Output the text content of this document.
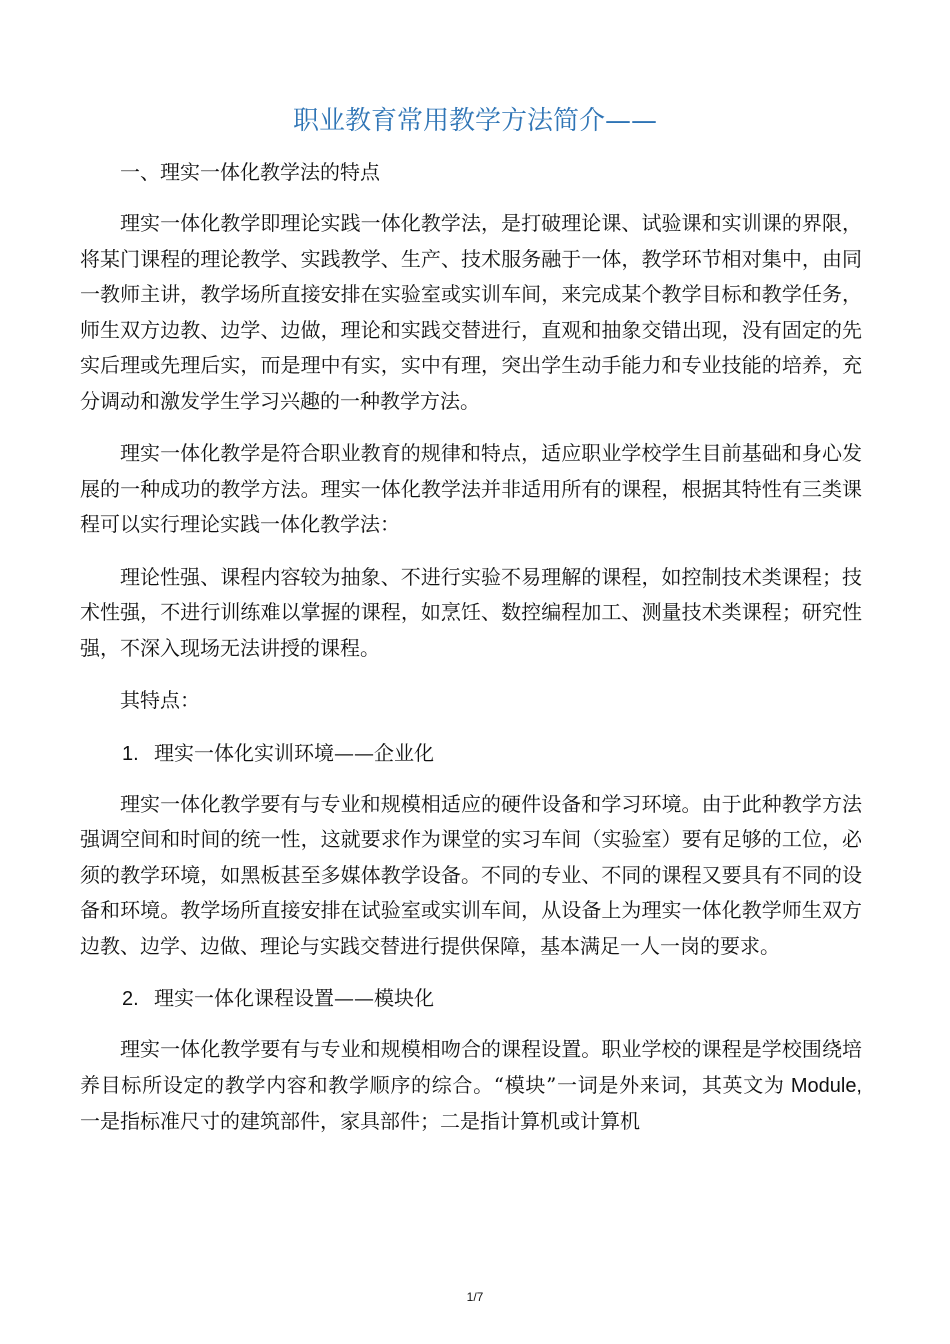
职业教育常用教学方法简介——
一、理实一体化教学法的特点

理实一体化教学即理论实践一体化教学法，是打破理论课、试验课和实训课的界限，将某门课程的理论教学、实践教学、生产、技术服务融于一体，教学环节相对集中，由同一教师主讲，教学场所直接安排在实验室或实训车间，来完成某个教学目标和教学任务，师生双方边教、边学、边做，理论和实践交替进行，直观和抽象交错出现，没有固定的先实后理或先理后实，而是理中有实，实中有理，突出学生动手能力和专业技能的培养，充分调动和激发学生学习兴趣的一种教学方法。

理实一体化教学是符合职业教育的规律和特点，适应职业学校学生目前基础和身心发展的一种成功的教学方法。理实一体化教学法并非适用所有的课程，根据其特性有三类课程可以实行理论实践一体化教学法：

理论性强、课程内容较为抽象、不进行实验不易理解的课程，如控制技术类课程；技术性强，不进行训练难以掌握的课程，如烹饪、数控编程加工、测量技术类课程；研究性强，不深入现场无法讲授的课程。

其特点：

1. 理实一体化实训环境——企业化

理实一体化教学要有与专业和规模相适应的硬件设备和学习环境。由于此种教学方法强调空间和时间的统一性，这就要求作为课堂的实习车间（实验室）要有足够的工位，必须的教学环境，如黑板甚至多媒体教学设备。不同的专业、不同的课程又要具有不同的设备和环境。教学场所直接安排在试验室或实训车间，从设备上为理实一体化教学师生双方边教、边学、边做、理论与实践交替进行提供保障，基本满足一人一岗的要求。

2. 理实一体化课程设置——模块化

理实一体化教学要有与专业和规模相吻合的课程设置。职业学校的课程是学校围绕培养目标所设定的教学内容和教学顺序的综合。“模块”一词是外来词，其英文为 Module, 一是指标准尺寸的建筑部件，家具部件；二是指计算机或计算机

1/7
